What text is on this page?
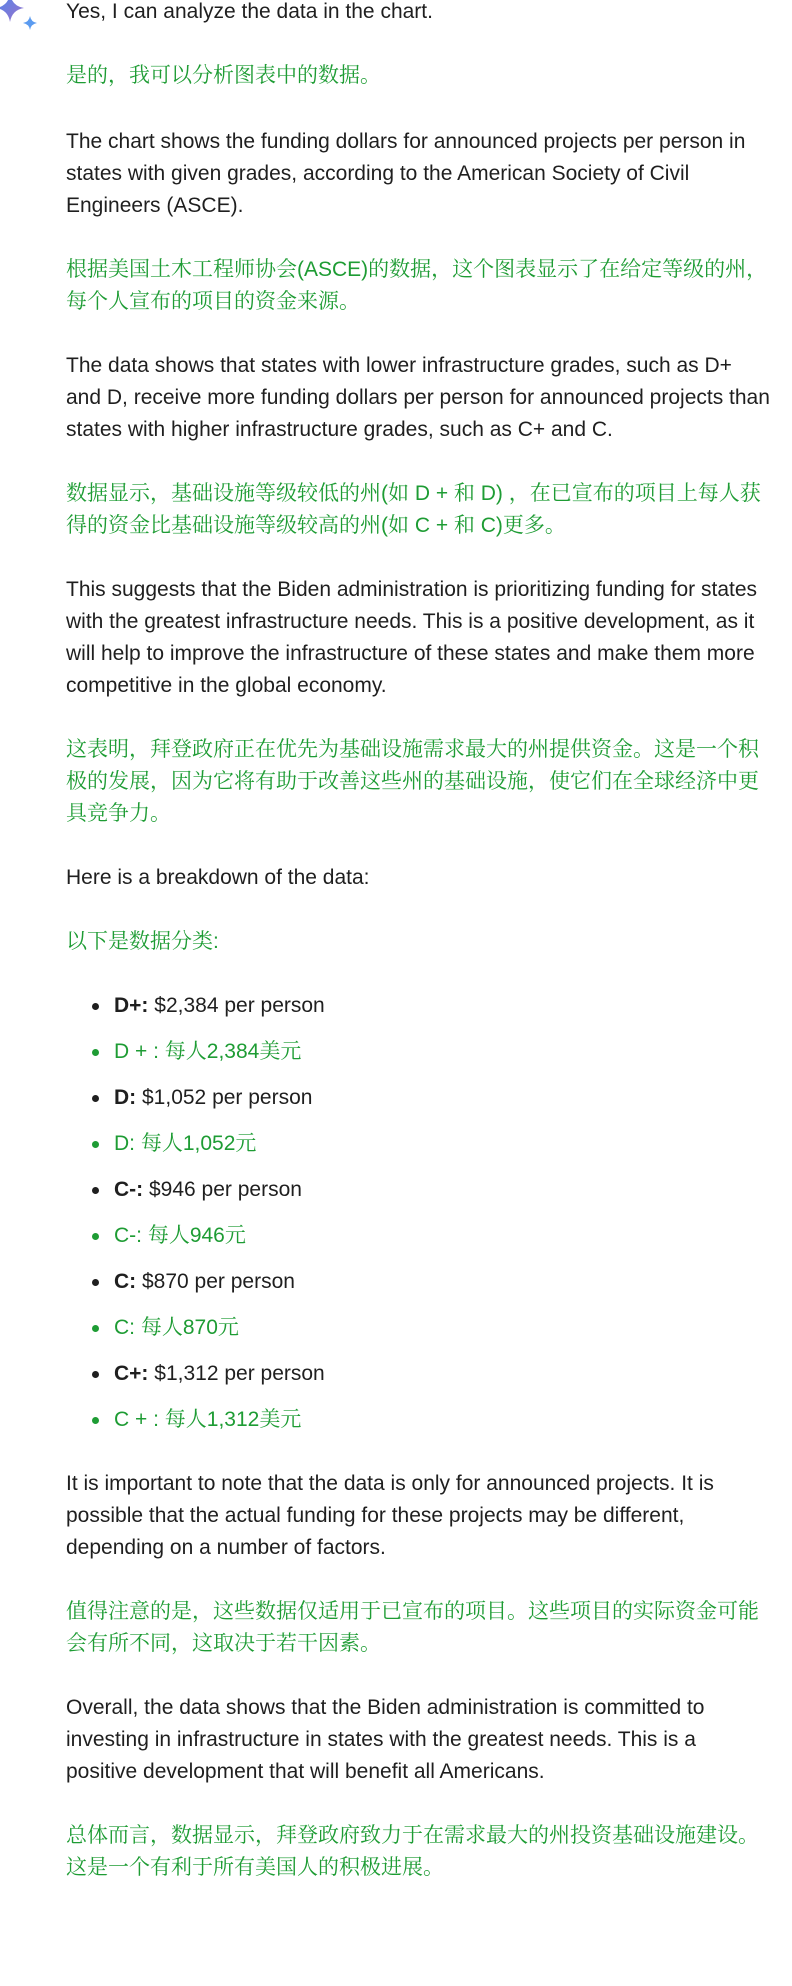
Yes, I can analyze the data in the chart.

是的，我可以分析图表中的数据。

The chart shows the funding dollars for announced projects per person in states with given grades, according to the American Society of Civil Engineers (ASCE).

根据美国土木工程师协会(ASCE)的数据，这个图表显示了在给定等级的州，每个人宣布的项目的资金来源。

The data shows that states with lower infrastructure grades, such as D+ and D, receive more funding dollars per person for announced projects than states with higher infrastructure grades, such as C+ and C.

数据显示，基础设施等级较低的州(如 D + 和 D) ，在已宣布的项目上每人获得的资金比基础设施等级较高的州(如 C + 和 C)更多。

This suggests that the Biden administration is prioritizing funding for states with the greatest infrastructure needs. This is a positive development, as it will help to improve the infrastructure of these states and make them more competitive in the global economy.

这表明，拜登政府正在优先为基础设施需求最大的州提供资金。这是一个积极的发展，因为它将有助于改善这些州的基础设施，使它们在全球经济中更具竞争力。

Here is a breakdown of the data:

以下是数据分类:

D+: $2,384 per person
D + : 每人2,384美元
D: $1,052 per person
D: 每人1,052元
C-: $946 per person
C-: 每人946元
C: $870 per person
C: 每人870元
C+: $1,312 per person
C + : 每人1,312美元

It is important to note that the data is only for announced projects. It is possible that the actual funding for these projects may be different, depending on a number of factors.

值得注意的是，这些数据仅适用于已宣布的项目。这些项目的实际资金可能会有所不同，这取决于若干因素。

Overall, the data shows that the Biden administration is committed to investing in infrastructure in states with the greatest needs. This is a positive development that will benefit all Americans.

总体而言，数据显示，拜登政府致力于在需求最大的州投资基础设施建设。这是一个有利于所有美国人的积极进展。
